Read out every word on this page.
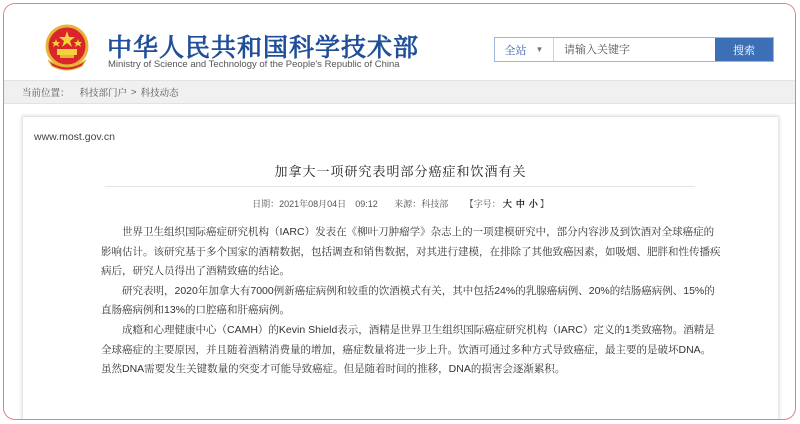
中华人民共和国科学技术部
Ministry of Science and Technology of the People's Republic of China
全站 ▼
请输入关键字	搜索
当前位置： 科技部门户 > 科技动态
www.most.gov.cn
加拿大一项研究表明部分癌症和饮酒有关
日期：2021年08月04日 09:12 来源：科技部 【字号： 大 中 小 】

世界卫生组织国际癌症研究机构（IARC）发表在《柳叶刀肿瘤学》杂志上的一项建模研究中，部分内容涉及到饮酒对全球癌症的影响估计。该研究基于多个国家的酒精数据，包括调查和销售数据，对其进行建模，在排除了其他致癌因素，如吸烟、肥胖和性传播疾病后，研究人员得出了酒精致癌的结论。

研究表明，2020年加拿大有7000例新癌症病例和较重的饮酒模式有关，其中包括24%的乳腺癌病例、20%的结肠癌病例、15%的直肠癌病例和13%的口腔癌和肝癌病例。

成瘾和心理健康中心（CAMH）的Kevin Shield表示，酒精是世界卫生组织国际癌症研究机构（IARC）定义的1类致癌物。酒精是全球癌症的主要原因，并且随着酒精消费量的增加，癌症数量将进一步上升。饮酒可通过多种方式导致癌症，最主要的是破坏DNA。虽然DNA需要发生关键数量的突变才可能导致癌症。但是随着时间的推移，DNA的损害会逐渐累积。
